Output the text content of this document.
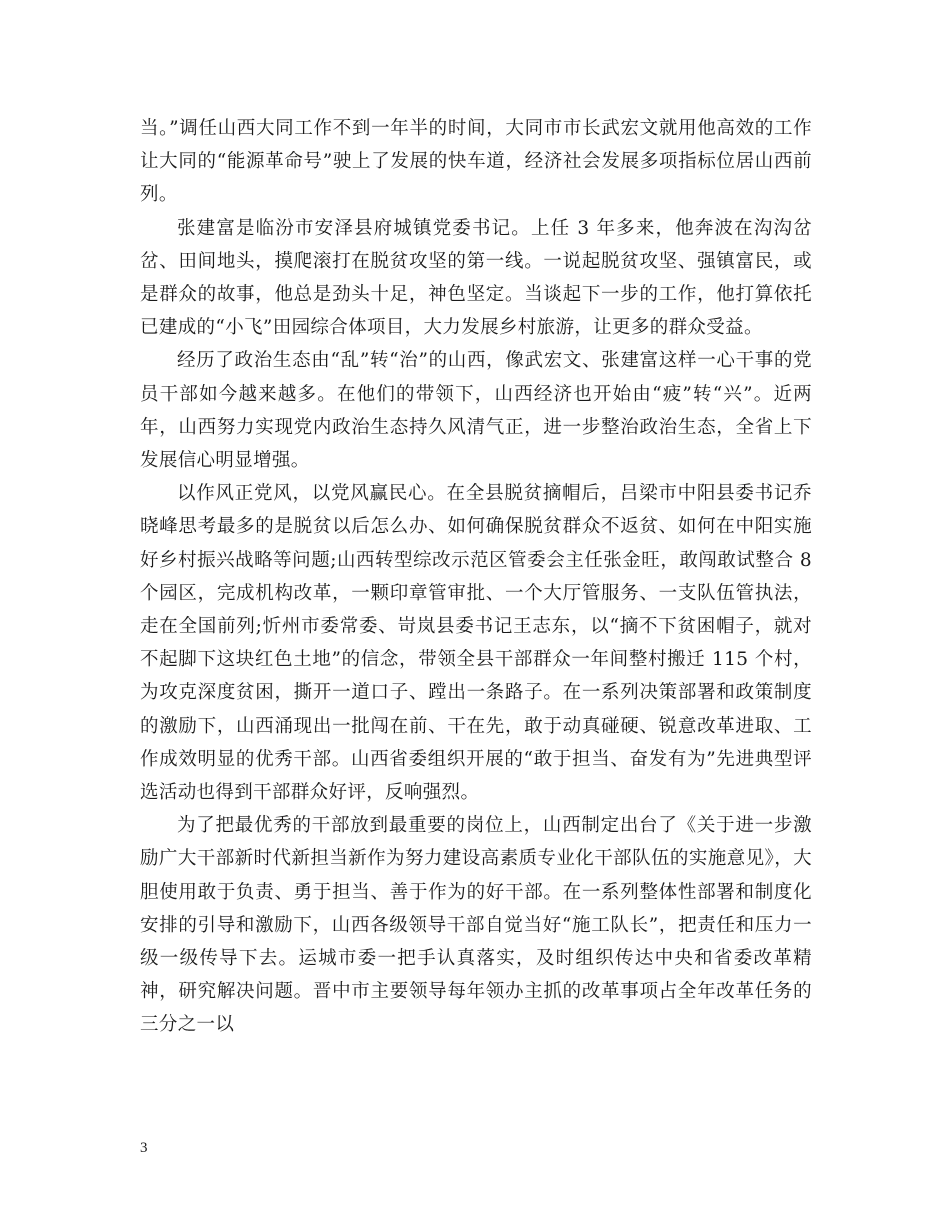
当。”调任山西大同工作不到一年半的时间，大同市市长武宏文就用他高效的工作让大同的“能源革命号”驶上了发展的快车道，经济社会发展多项指标位居山西前列。

张建富是临汾市安泽县府城镇党委书记。上任 3 年多来，他奔波在沟沟岔岔、田间地头，摸爬滚打在脱贫攻坚的第一线。一说起脱贫攻坚、强镇富民，或是群众的故事，他总是劲头十足，神色坚定。当谈起下一步的工作，他打算依托已建成的“小飞”田园综合体项目，大力发展乡村旅游，让更多的群众受益。

经历了政治生态由“乱”转“治”的山西，像武宏文、张建富这样一心干事的党员干部如今越来越多。在他们的带领下，山西经济也开始由“疲”转“兴”。近两年，山西努力实现党内政治生态持久风清气正，进一步整治政治生态，全省上下发展信心明显增强。

以作风正党风，以党风赢民心。在全县脱贫摘帽后，吕梁市中阳县委书记乔晓峰思考最多的是脱贫以后怎么办、如何确保脱贫群众不返贫、如何在中阳实施好乡村振兴战略等问题;山西转型综改示范区管委会主任张金旺，敢闯敢试整合 8 个园区，完成机构改革，一颗印章管审批、一个大厅管服务、一支队伍管执法，走在全国前列;忻州市委常委、岢岚县委书记王志东，以“摘不下贫困帽子，就对不起脚下这块红色土地”的信念，带领全县干部群众一年间整村搬迁 115 个村，为攻克深度贫困，撕开一道口子、蹚出一条路子。在一系列决策部署和政策制度的激励下，山西涌现出一批闯在前、干在先，敢于动真碰硬、锐意改革进取、工作成效明显的优秀干部。山西省委组织开展的“敢于担当、奋发有为”先进典型评选活动也得到干部群众好评，反响强烈。

为了把最优秀的干部放到最重要的岗位上，山西制定出台了《关于进一步激励广大干部新时代新担当新作为努力建设高素质专业化干部队伍的实施意见》，大胆使用敢于负责、勇于担当、善于作为的好干部。在一系列整体性部署和制度化安排的引导和激励下，山西各级领导干部自觉当好“施工队长”，把责任和压力一级一级传导下去。运城市委一把手认真落实，及时组织传达中央和省委改革精神，研究解决问题。晋中市主要领导每年领办主抓的改革事项占全年改革任务的三分之一以

3
